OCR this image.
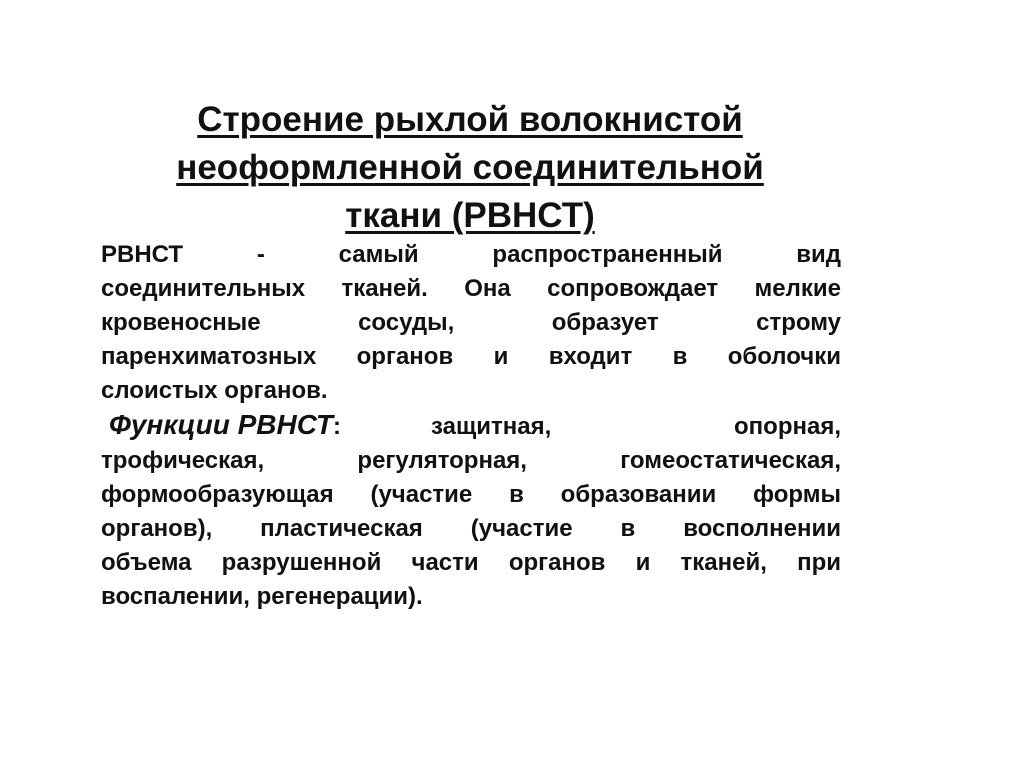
Строение рыхлой волокнистой
неоформленной соединительной
ткани (РВНСТ)

РВНСТ - самый распространенный вид
соединительных тканей. Она сопровождает мелкие
кровеносные сосуды, образует строму
паренхиматозных органов и входит в оболочки
слоистых органов.

Функции РВНСТ:	защитная,	опорная,
трофическая, регуляторная, гомеостатическая,
формообразующая (участие в образовании формы
органов), пластическая (участие в восполнении
объема разрушенной части органов и тканей, при
воспалении, регенерации).
